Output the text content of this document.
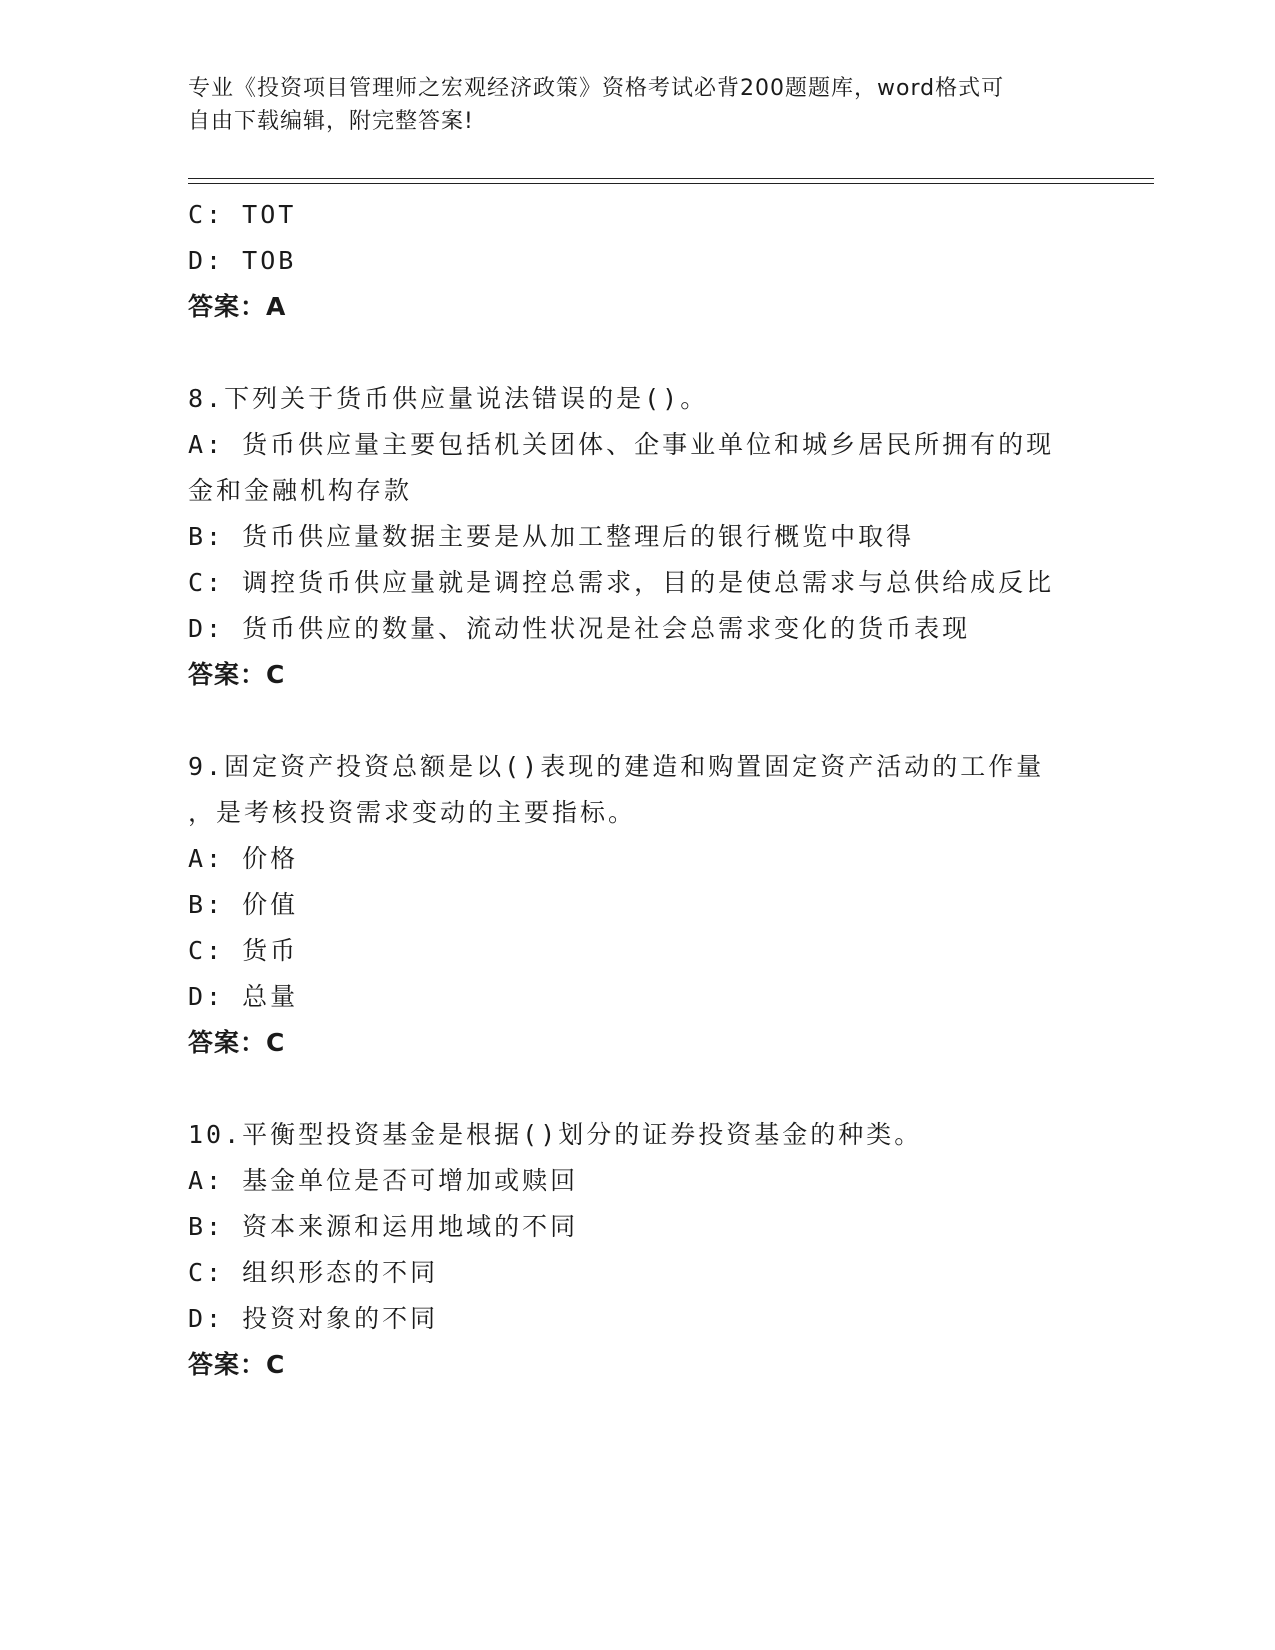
专业《投资项目管理师之宏观经济政策》资格考试必背200题题库，word格式可
自由下载编辑，附完整答案!
C: TOT
D: TOB
答案：A
8.下列关于货币供应量说法错误的是()。
A: 货币供应量主要包括机关团体、企事业单位和城乡居民所拥有的现
金和金融机构存款
B: 货币供应量数据主要是从加工整理后的银行概览中取得
C: 调控货币供应量就是调控总需求，目的是使总需求与总供给成反比
D: 货币供应的数量、流动性状况是社会总需求变化的货币表现
答案：C
9.固定资产投资总额是以()表现的建造和购置固定资产活动的工作量
，是考核投资需求变动的主要指标。
A: 价格
B: 价值
C: 货币
D: 总量
答案：C
10.平衡型投资基金是根据()划分的证券投资基金的种类。
A: 基金单位是否可增加或赎回
B: 资本来源和运用地域的不同
C: 组织形态的不同
D: 投资对象的不同
答案：C
